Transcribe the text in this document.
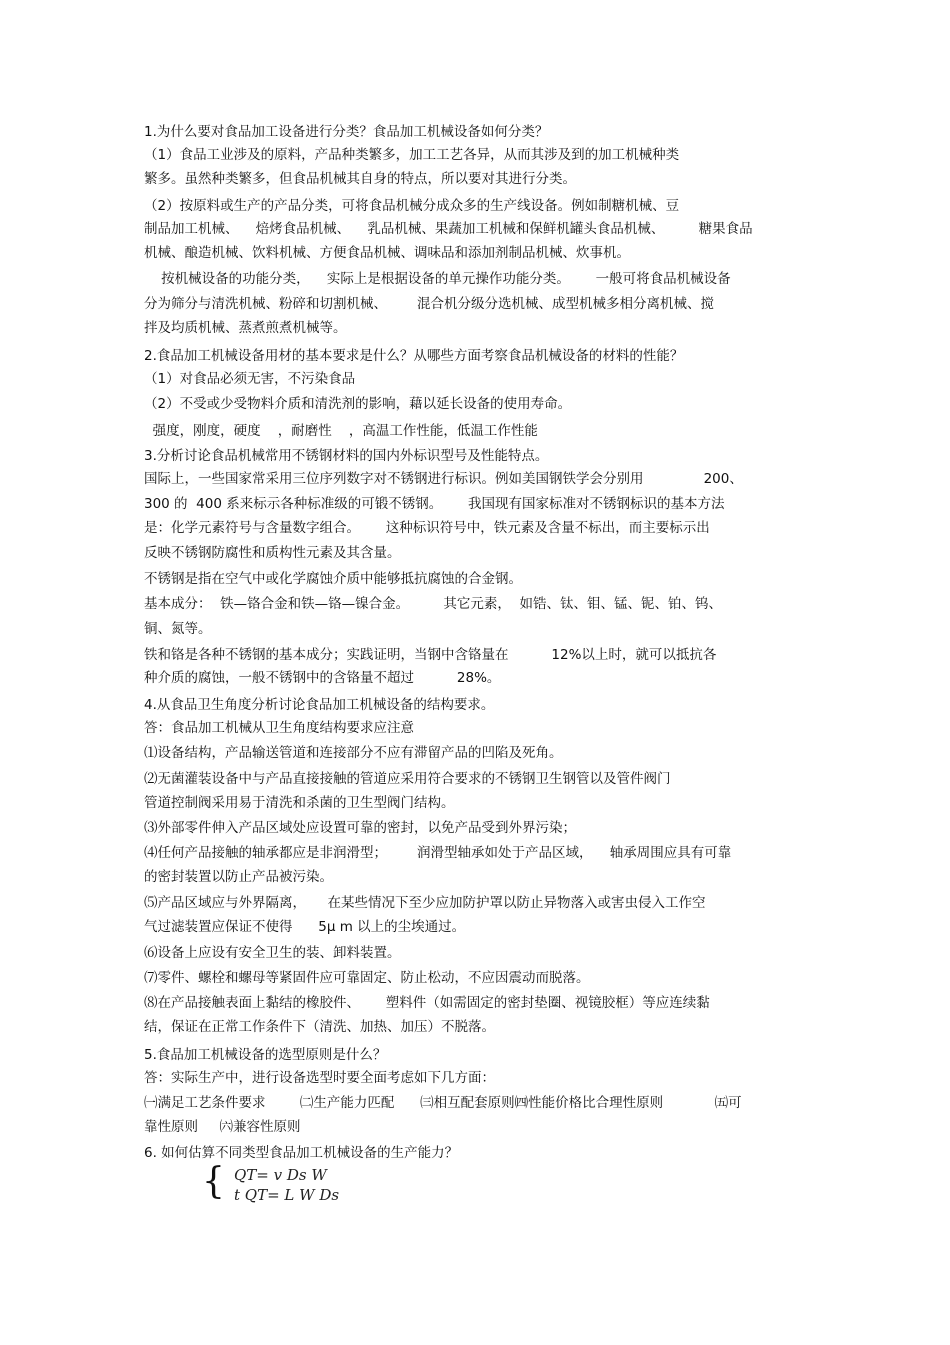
1.为什么要对食品加工设备进行分类？食品加工机械设备如何分类？
（1）食品工业涉及的原料，产品种类繁多，加工工艺各异，从而其涉及到的加工机械种类
繁多。虽然种类繁多，但食品机械其自身的特点，所以要对其进行分类。
（2）按原料或生产的产品分类，可将食品机械分成众多的生产线设备。例如制糖机械、豆
制品加工机械、    焙烤食品机械、    乳品机械、果蔬加工机械和保鲜机罐头食品机械、        糖果食品
机械、酿造机械、饮料机械、方便食品机械、调味品和添加剂制品机械、炊事机。
按机械设备的功能分类，    实际上是根据设备的单元操作功能分类。      一般可将食品机械设备
分为筛分与清洗机械、粉碎和切割机械、       混合机分级分选机械、成型机械多相分离机械、搅
拌及均质机械、蒸煮煎煮机械等。
2.食品加工机械设备用材的基本要求是什么？从哪些方面考察食品机械设备的材料的性能？
（1）对食品必须无害，不污染食品
（2）不受或少受物料介质和清洗剂的影响，藉以延长设备的使用寿命。
强度，刚度，硬度    ，耐磨性    ，高温工作性能，低温工作性能
3.分析讨论食品机械常用不锈钢材料的国内外标识型号及性能特点。
国际上，一些国家常采用三位序列数字对不锈钢进行标识。例如美国钢铁学会分别用              200、
300 的  400 系来标示各种标准级的可锻不锈钢。      我国现有国家标准对不锈钢标识的基本方法
是：化学元素符号与含量数字组合。      这种标识符号中，铁元素及含量不标出，而主要标示出
反映不锈钢防腐性和质构性元素及其含量。
不锈钢是指在空气中或化学腐蚀介质中能够抵抗腐蚀的合金钢。
基本成分：  铁—铬合金和铁—铬—镍合金。        其它元素，  如锆、钛、钼、锰、铌、铂、钨、
铜、氮等。
铁和铬是各种不锈钢的基本成分；实践证明，当钢中含铬量在          12%以上时，就可以抵抗各
种介质的腐蚀，一般不锈钢中的含铬量不超过          28%。
4.从食品卫生角度分析讨论食品加工机械设备的结构要求。
答：食品加工机械从卫生角度结构要求应注意
⑴设备结构，产品输送管道和连接部分不应有滞留产品的凹陷及死角。
⑵无菌灌装设备中与产品直接接触的管道应采用符合要求的不锈钢卫生钢管以及管件阀门
管道控制阀采用易于清洗和杀菌的卫生型阀门结构。
⑶外部零件伸入产品区域处应设置可靠的密封，以免产品受到外界污染；
⑷任何产品接触的轴承都应是非润滑型；       润滑型轴承如处于产品区域，    轴承周围应具有可靠
的密封装置以防止产品被污染。
⑸产品区域应与外界隔离，     在某些情况下至少应加防护罩以防止异物落入或害虫侵入工作空
气过滤装置应保证不使得      5μ m 以上的尘埃通过。
⑹设备上应设有安全卫生的装、卸料装置。
⑺零件、螺栓和螺母等紧固件应可靠固定、防止松动，不应因震动而脱落。
⑻在产品接触表面上黏结的橡胶件、      塑料件（如需固定的密封垫圈、视镜胶框）等应连续黏
结，保证在正常工作条件下（清洗、加热、加压）不脱落。
5.食品加工机械设备的选型原则是什么？
答：实际生产中，进行设备选型时要全面考虑如下几方面：
㈠满足工艺条件要求        ㈡生产能力匹配      ㈢相互配套原则㈣性能价格比合理性原则            ㈤可
靠性原则     ㈥兼容性原则
6. 如何估算不同类型食品加工机械设备的生产能力？
{ QT= v Ds W
t QT= L W Ds
